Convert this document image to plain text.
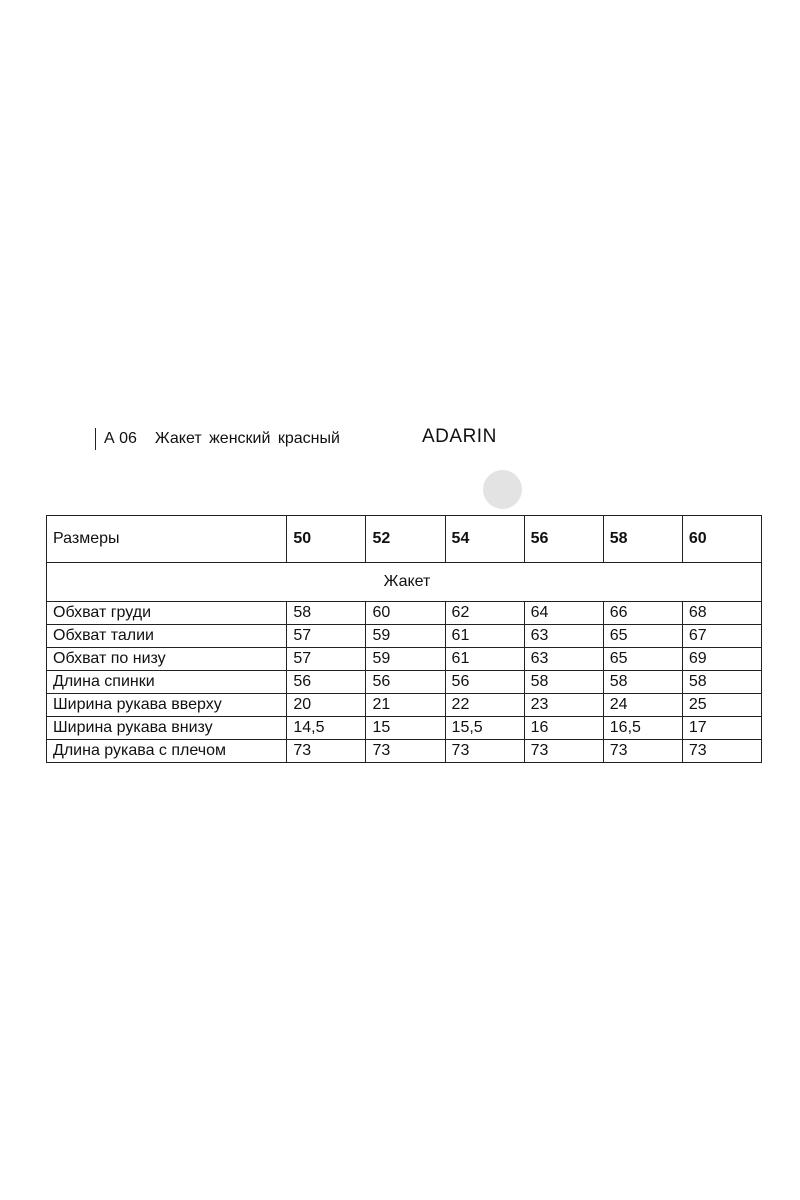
А 06 Жакет женский красный	ADARIN
Размеры	50	52	54	56	58	60
Жакет						
Обхват груди	58	60	62	64	66	68
Обхват талии	57	59	61	63	65	67
Обхват по низу	57	59	61	63	65	69
Длина спинки	56	56	56	58	58	58
Ширина рукава вверху	20	21	22	23	24	25
Ширина рукава внизу	14,5	15	15,5	16	16,5	17
Длина рукава с плечом	73	73	73	73	73	73
